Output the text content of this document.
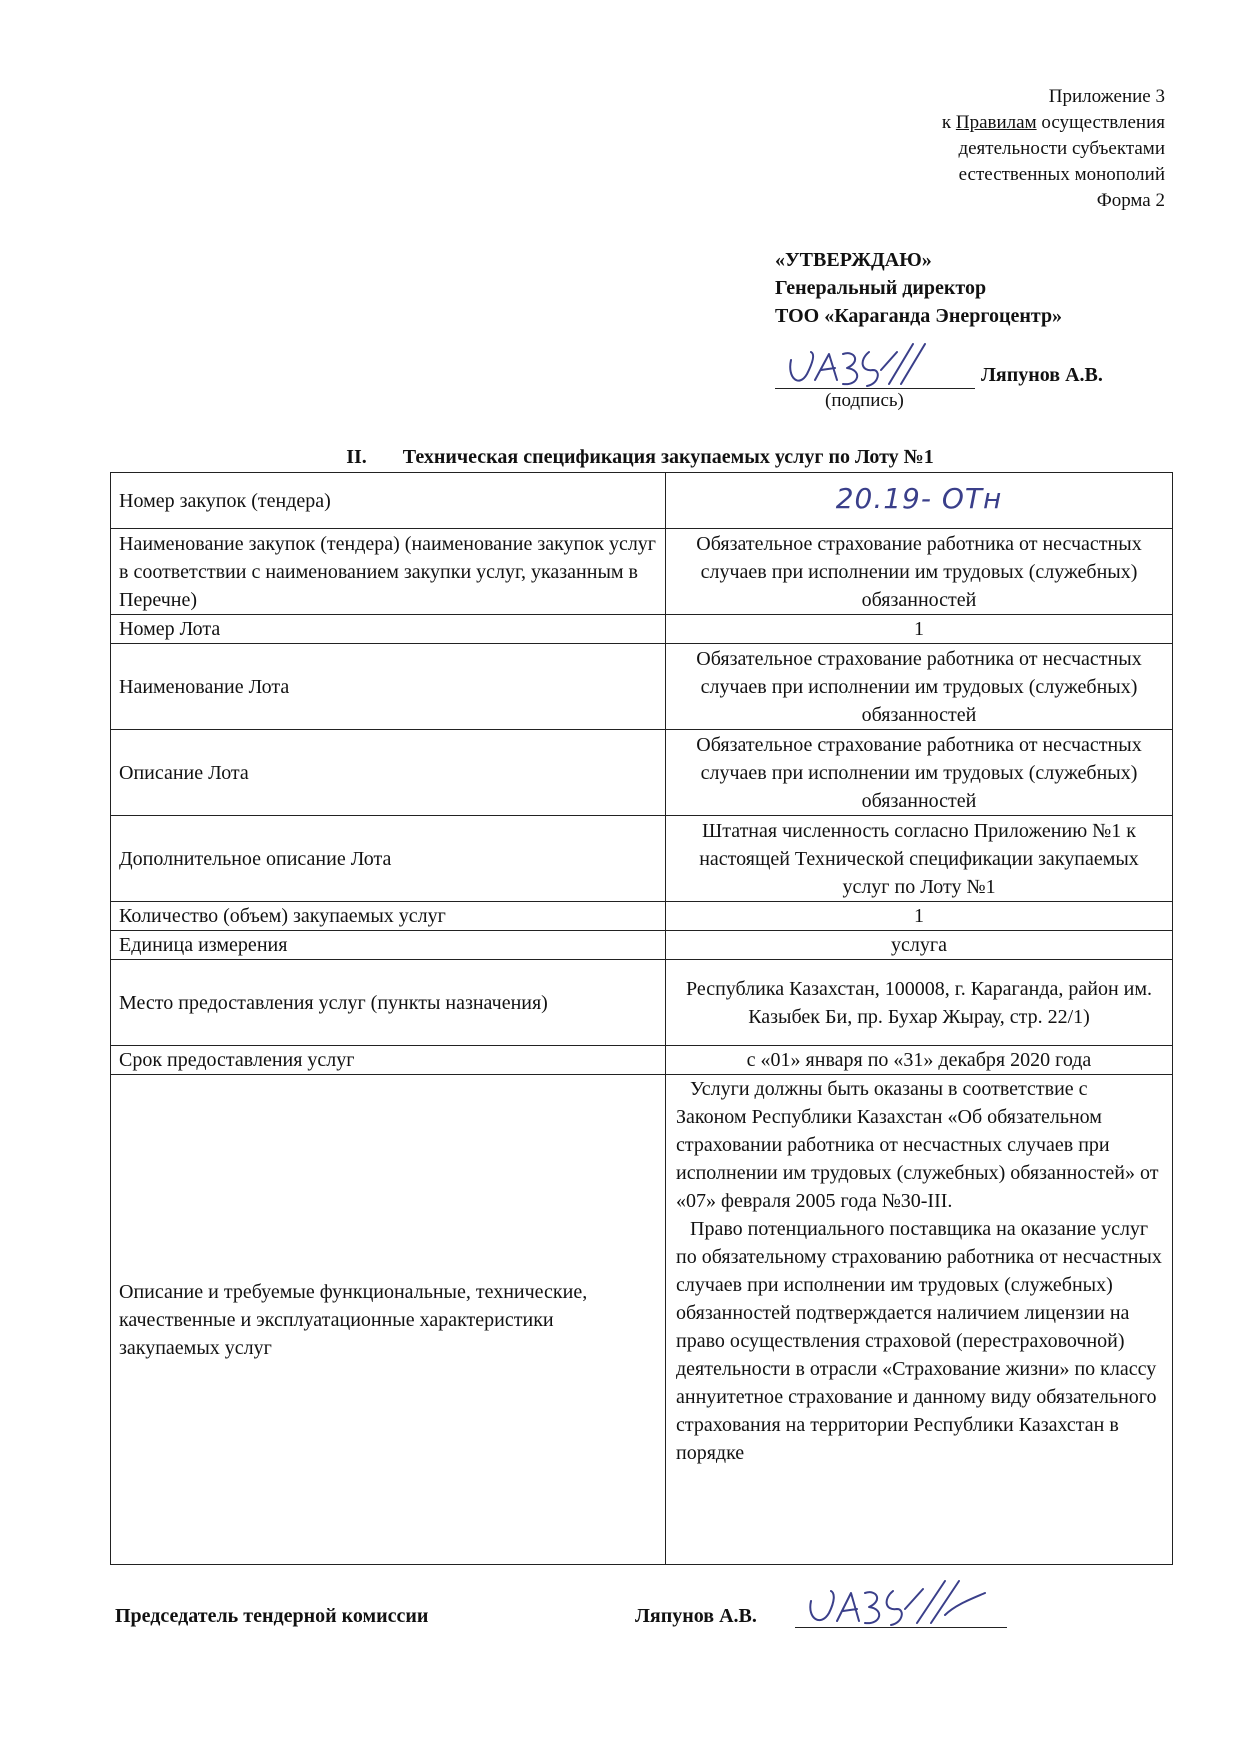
Приложение 3
к Правилам осуществления
деятельности субъектами
естественных монополий
Форма 2
«УТВЕРЖДАЮ»
Генеральный директор
ТОО «Караганда Энергоцентр»
Ляпунов А.В.
(подпись)
II. Техническая спецификация закупаемых услуг по Лоту №1
Номер закупок (тендера)	20.19- ОТн
Наименование закупок (тендера) (наименование закупок услуг в соответствии с наименованием закупки услуг, указанным в Перечне)	Обязательное страхование работника от несчастных случаев при исполнении им трудовых (служебных) обязанностей
Номер Лота	1
Наименование Лота	Обязательное страхование работника от несчастных случаев при исполнении им трудовых (служебных) обязанностей
Описание Лота	Обязательное страхование работника от несчастных случаев при исполнении им трудовых (служебных) обязанностей
Дополнительное описание Лота	Штатная численность согласно Приложению №1 к настоящей Технической спецификации закупаемых услуг по Лоту №1
Количество (объем) закупаемых услуг	1
Единица измерения	услуга
Место предоставления услуг (пункты назначения)	Республика Казахстан, 100008, г. Караганда, район им. Казыбек Би, пр. Бухар Жырау, стр. 22/1)
Срок предоставления услуг	с «01» января по «31» декабря 2020 года
Описание и требуемые функциональные, технические, качественные и эксплуатационные характеристики закупаемых услуг	Услуги должны быть оказаны в соответствие с Законом Республики Казахстан «Об обязательном страховании работника от несчастных случаев при исполнении им трудовых (служебных) обязанностей» от «07» февраля 2005 года №30-III.
Право потенциального поставщика на оказание услуг по обязательному страхованию работника от несчастных случаев при исполнении им трудовых (служебных) обязанностей подтверждается наличием лицензии на право осуществления страховой (перестраховочной) деятельности в отрасли «Страхование жизни» по классу аннуитетное страхование и данному виду обязательного страхования на территории Республики Казахстан в порядке
Председатель тендерной комиссии	Ляпунов А.В.
